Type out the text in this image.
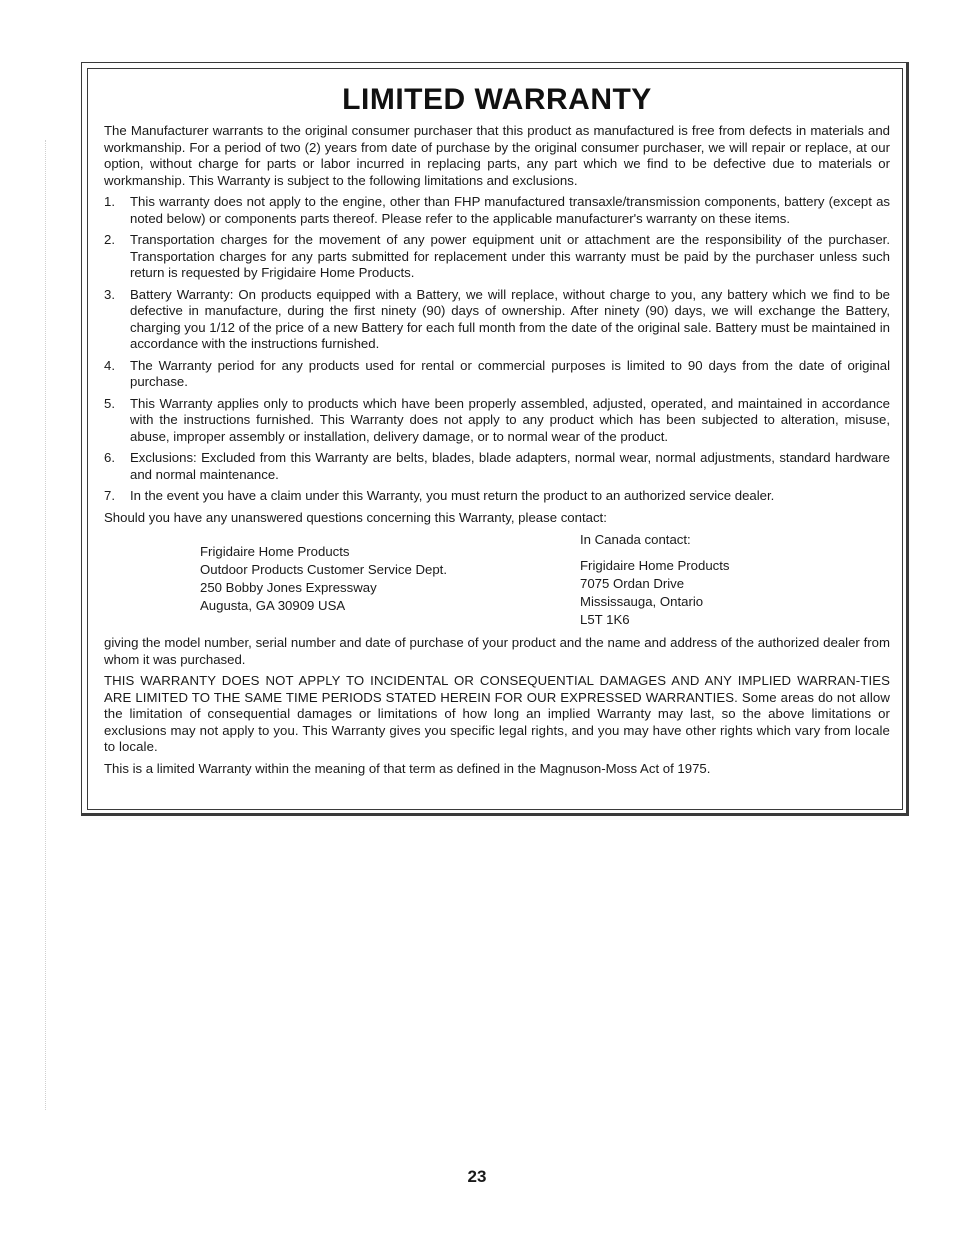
LIMITED WARRANTY

The Manufacturer warrants to the original consumer purchaser that this product as manufactured is free from defects in materials and workmanship. For a period of two (2) years from date of purchase by the original consumer purchaser, we will repair or replace, at our option, without charge for parts or labor incurred in replacing parts, any part which we find to be defective due to materials or workmanship. This Warranty is subject to the following limitations and exclusions.

1. This warranty does not apply to the engine, other than FHP manufactured transaxle/transmission components, battery (except as noted below) or components parts thereof. Please refer to the applicable manufacturer's warranty on these items.
2. Transportation charges for the movement of any power equipment unit or attachment are the responsibility of the purchaser. Transportation charges for any parts submitted for replacement under this warranty must be paid by the purchaser unless such return is requested by Frigidaire Home Products.
3. Battery Warranty: On products equipped with a Battery, we will replace, without charge to you, any battery which we find to be defective in manufacture, during the first ninety (90) days of ownership. After ninety (90) days, we will exchange the Battery, charging you 1/12 of the price of a new Battery for each full month from the date of the original sale. Battery must be maintained in accordance with the instructions furnished.
4. The Warranty period for any products used for rental or commercial purposes is limited to 90 days from the date of original purchase.
5. This Warranty applies only to products which have been properly assembled, adjusted, operated, and maintained in accordance with the instructions furnished. This Warranty does not apply to any product which has been subjected to alteration, misuse, abuse, improper assembly or installation, delivery damage, or to normal wear of the product.
6. Exclusions: Excluded from this Warranty are belts, blades, blade adapters, normal wear, normal adjustments, standard hardware and normal maintenance.
7. In the event you have a claim under this Warranty, you must return the product to an authorized service dealer.

Should you have any unanswered questions concerning this Warranty, please contact:

Frigidaire Home Products
Outdoor Products Customer Service Dept.
250 Bobby Jones Expressway
Augusta, GA 30909 USA
In Canada contact:
Frigidaire Home Products
7075 Ordan Drive
Mississauga, Ontario
L5T 1K6

giving the model number, serial number and date of purchase of your product and the name and address of the authorized dealer from whom it was purchased.

THIS WARRANTY DOES NOT APPLY TO INCIDENTAL OR CONSEQUENTIAL DAMAGES AND ANY IMPLIED WARRAN-TIES ARE LIMITED TO THE SAME TIME PERIODS STATED HEREIN FOR OUR EXPRESSED WARRANTIES. Some areas do not allow the limitation of consequential damages or limitations of how long an implied Warranty may last, so the above limitations or exclusions may not apply to you. This Warranty gives you specific legal rights, and you may have other rights which vary from locale to locale.

This is a limited Warranty within the meaning of that term as defined in the Magnuson-Moss Act of 1975.

23
